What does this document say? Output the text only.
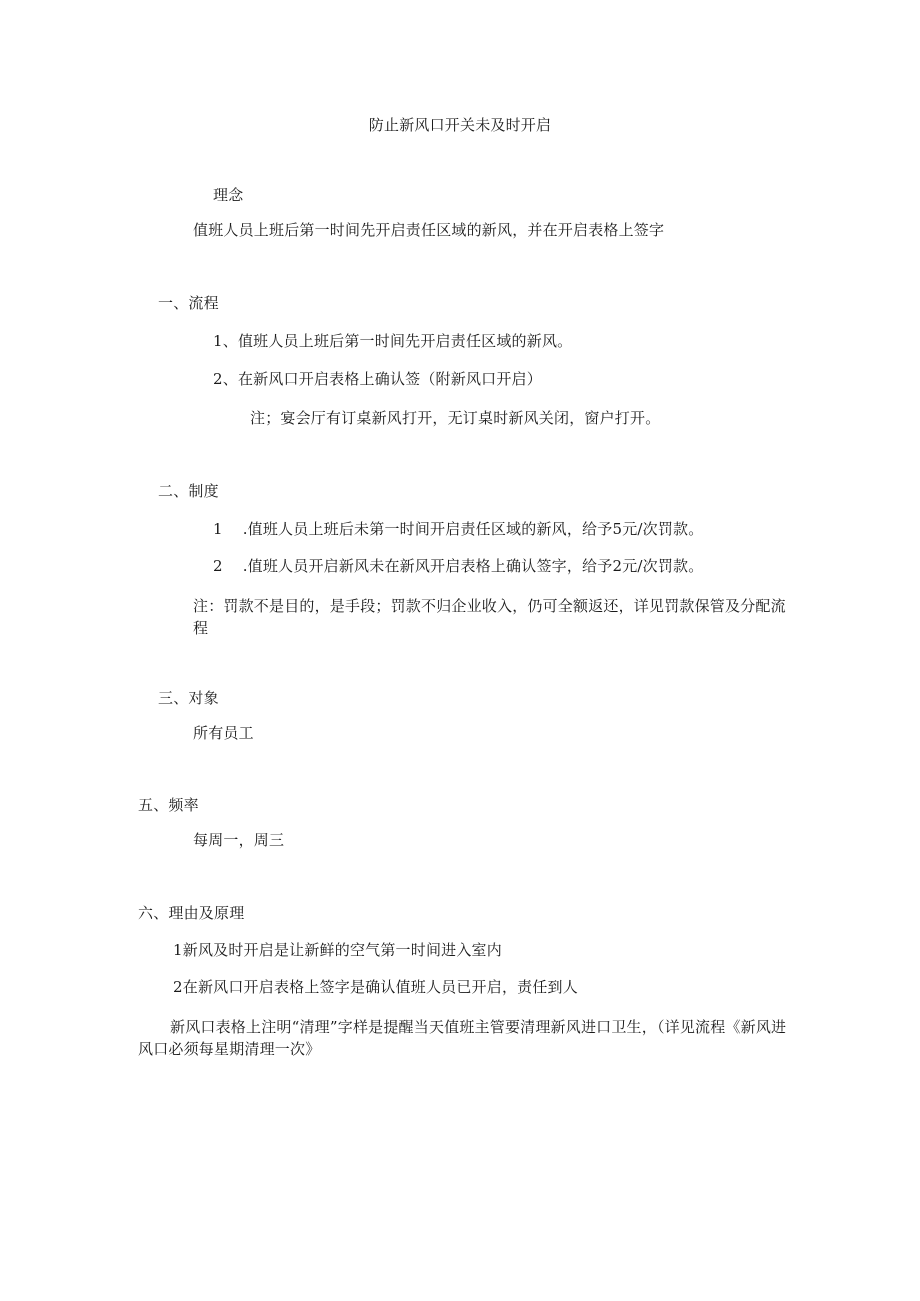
防止新风口开关未及时开启
理念
值班人员上班后第一时间先开启责任区域的新风，并在开启表格上签字
一、流程
1、值班人员上班后第一时间先开启责任区域的新风。
2、在新风口开启表格上确认签（附新风口开启）
注；宴会厅有订桌新风打开，无订桌时新风关闭，窗户打开。
二、制度
1 .值班人员上班后未第一时间开启责任区域的新风，给予5元/次罚款。
2 .值班人员开启新风未在新风开启表格上确认签字，给予2元/次罚款。
注：罚款不是目的，是手段；罚款不归企业收入，仍可全额返还，详见罚款保管及分配流程
三、对象
所有员工
五、频率
每周一，周三
六、理由及原理
1新风及时开启是让新鲜的空气第一时间进入室内
2在新风口开启表格上签字是确认值班人员已开启，责任到人
新风口表格上注明“清理”字样是提醒当天值班主管要清理新风进口卫生，（详见流程《新风进风口必须每星期清理一次》
